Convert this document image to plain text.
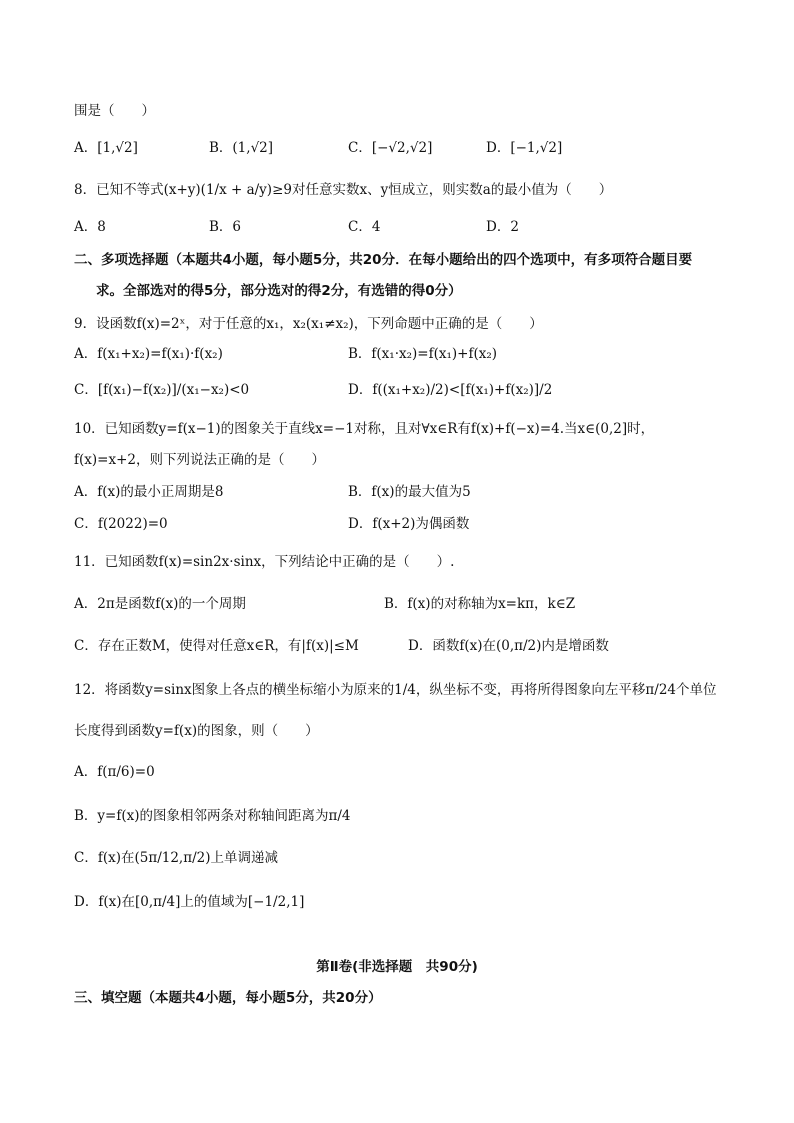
围是（　　）
A．[1,√2]	B．(1,√2]	C．[−√2,√2]	D．[−1,√2]
8．已知不等式(x+y)(1/x + a/y)≥9对任意实数x、y恒成立，则实数a的最小值为（　　）
A．8	B．6	C．4	D．2
二、多项选择题（本题共4小题，每小题5分，共20分．在每小题给出的四个选项中，有多项符合题目要
求。全部选对的得5分，部分选对的得2分，有选错的得0分）
9．设函数f(x)=2ˣ，对于任意的x₁，x₂(x₁≠x₂)，下列命题中正确的是（　　）
A．f(x₁+x₂)=f(x₁)·f(x₂)	B．f(x₁·x₂)=f(x₁)+f(x₂)
C．[f(x₁)−f(x₂)]/(x₁−x₂)<0	D．f((x₁+x₂)/2)<[f(x₁)+f(x₂)]/2
10．已知函数y=f(x−1)的图象关于直线x=−1对称，且对∀x∈R有f(x)+f(−x)=4.当x∈(0,2]时，
f(x)=x+2，则下列说法正确的是（　　）
A．f(x)的最小正周期是8	B．f(x)的最大值为5
C．f(2022)=0	D．f(x+2)为偶函数
11．已知函数f(x)=sin2x·sinx，下列结论中正确的是（　　）.
A．2π是函数f(x)的一个周期	B．f(x)的对称轴为x=kπ，k∈Z
C．存在正数M，使得对任意x∈R，有|f(x)|≤M	D．函数f(x)在(0,π/2)内是增函数
12．将函数y=sinx图象上各点的横坐标缩小为原来的1/4，纵坐标不变，再将所得图象向左平移π/24个单位
长度得到函数y=f(x)的图象，则（　　）
A．f(π/6)=0
B．y=f(x)的图象相邻两条对称轴间距离为π/4
C．f(x)在(5π/12,π/2)上单调递减
D．f(x)在[0,π/4]上的值域为[−1/2,1]
第Ⅱ卷(非选择题　共90分)
三、填空题（本题共4小题，每小题5分，共20分）
